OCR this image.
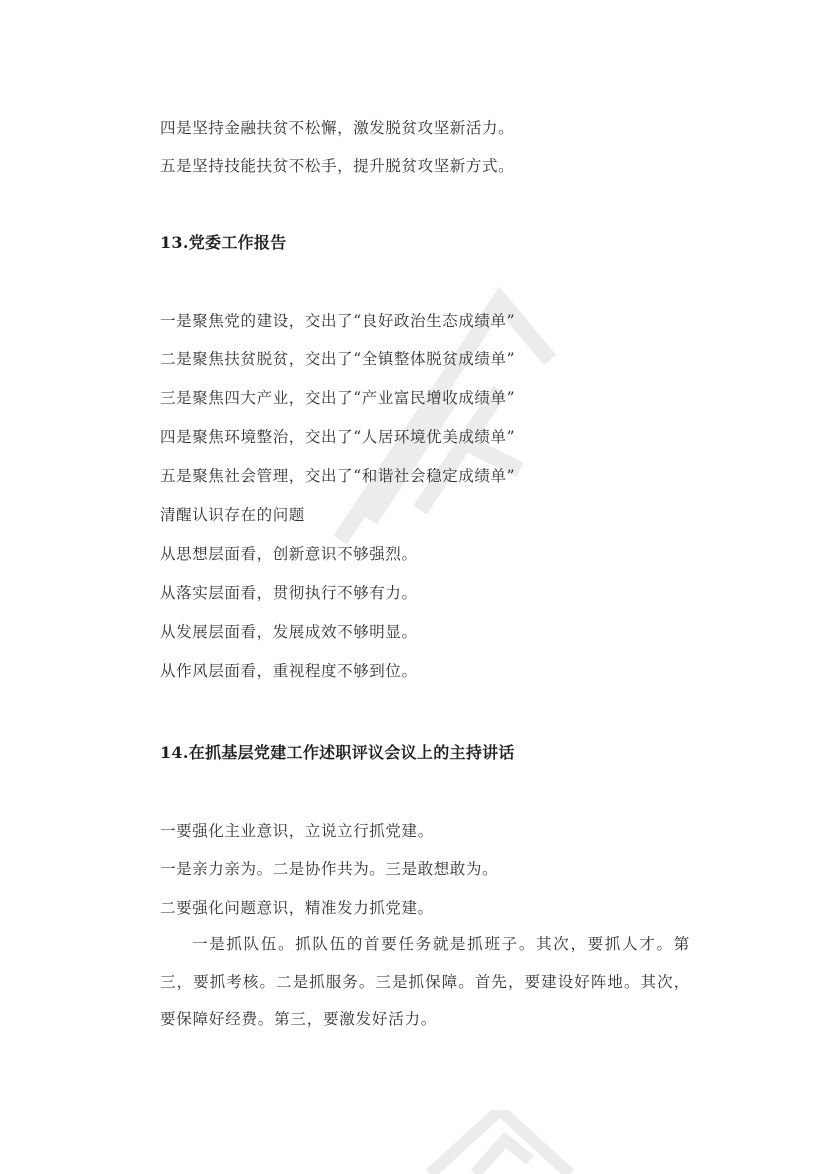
四是坚持金融扶贫不松懈，激发脱贫攻坚新活力。
五是坚持技能扶贫不松手，提升脱贫攻坚新方式。
13.党委工作报告
一是聚焦党的建设，交出了“良好政治生态成绩单”
二是聚焦扶贫脱贫，交出了“全镇整体脱贫成绩单”
三是聚焦四大产业，交出了“产业富民增收成绩单”
四是聚焦环境整治，交出了“人居环境优美成绩单”
五是聚焦社会管理，交出了“和谐社会稳定成绩单”
清醒认识存在的问题
从思想层面看，创新意识不够强烈。
从落实层面看，贯彻执行不够有力。
从发展层面看，发展成效不够明显。
从作风层面看，重视程度不够到位。
14.在抓基层党建工作述职评议会议上的主持讲话
一要强化主业意识，立说立行抓党建。
一是亲力亲为。二是协作共为。三是敢想敢为。
二要强化问题意识，精准发力抓党建。
一是抓队伍。抓队伍的首要任务就是抓班子。其次，要抓人才。第三，要抓考核。二是抓服务。三是抓保障。首先，要建设好阵地。其次，要保障好经费。第三，要激发好活力。
